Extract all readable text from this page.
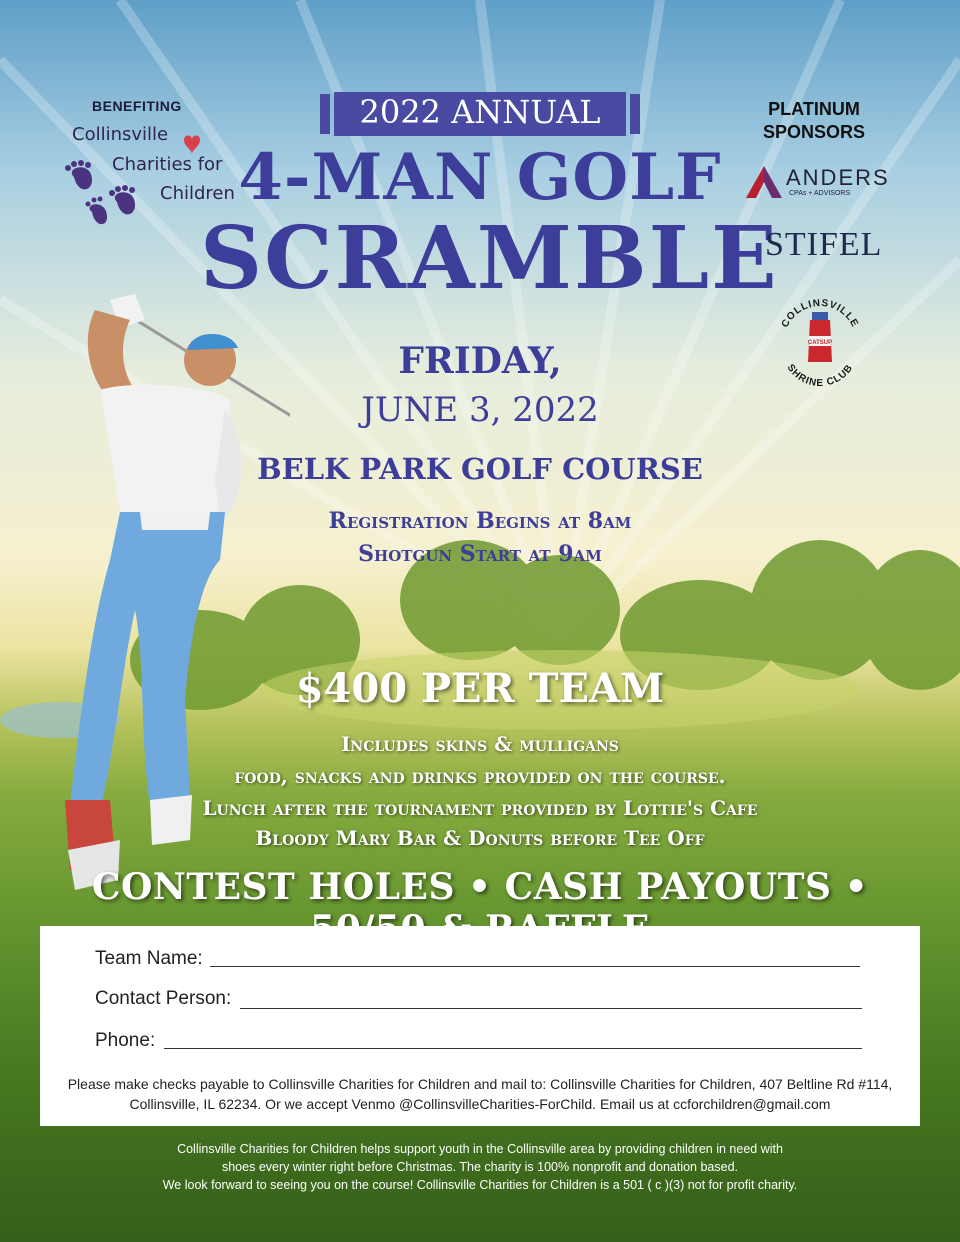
BENEFITING
Collinsville
Charities for
Children
2022 ANNUAL
4-MAN GOLF
SCRAMBLE
FRIDAY,
JUNE 3, 2022
BELK PARK GOLF COURSE
Registration Begins at 8am
Shotgun Start at 9am
PLATINUM SPONSORS
ANDERS
CPAs + ADVISORS
STIFEL
COLLINSVILLE
SHRINE CLUB
CATSUP
$400 PER TEAM
Includes skins & mulligans
food, snacks and drinks provided on the course.
Lunch after the tournament provided by Lottie's Cafe
Bloody Mary Bar & Donuts before Tee Off
CONTEST HOLES • CASH PAYOUTS •
Team Name:
Contact Person:
Phone:
Please make checks payable to Collinsville Charities for Children and mail to: Collinsville Charities for Children, 407 Beltline Rd #114,
Collinsville, IL 62234. Or we accept Venmo @CollinsvilleCharities-ForChild. Email us at ccforchildren@gmail.com
Collinsville Charities for Children helps support youth in the Collinsville area by providing children in need with
shoes every winter right before Christmas. The charity is 100% nonprofit and donation based.
We look forward to seeing you on the course! Collinsville Charities for Children is a 501 ( c )(3) not for profit charity.
